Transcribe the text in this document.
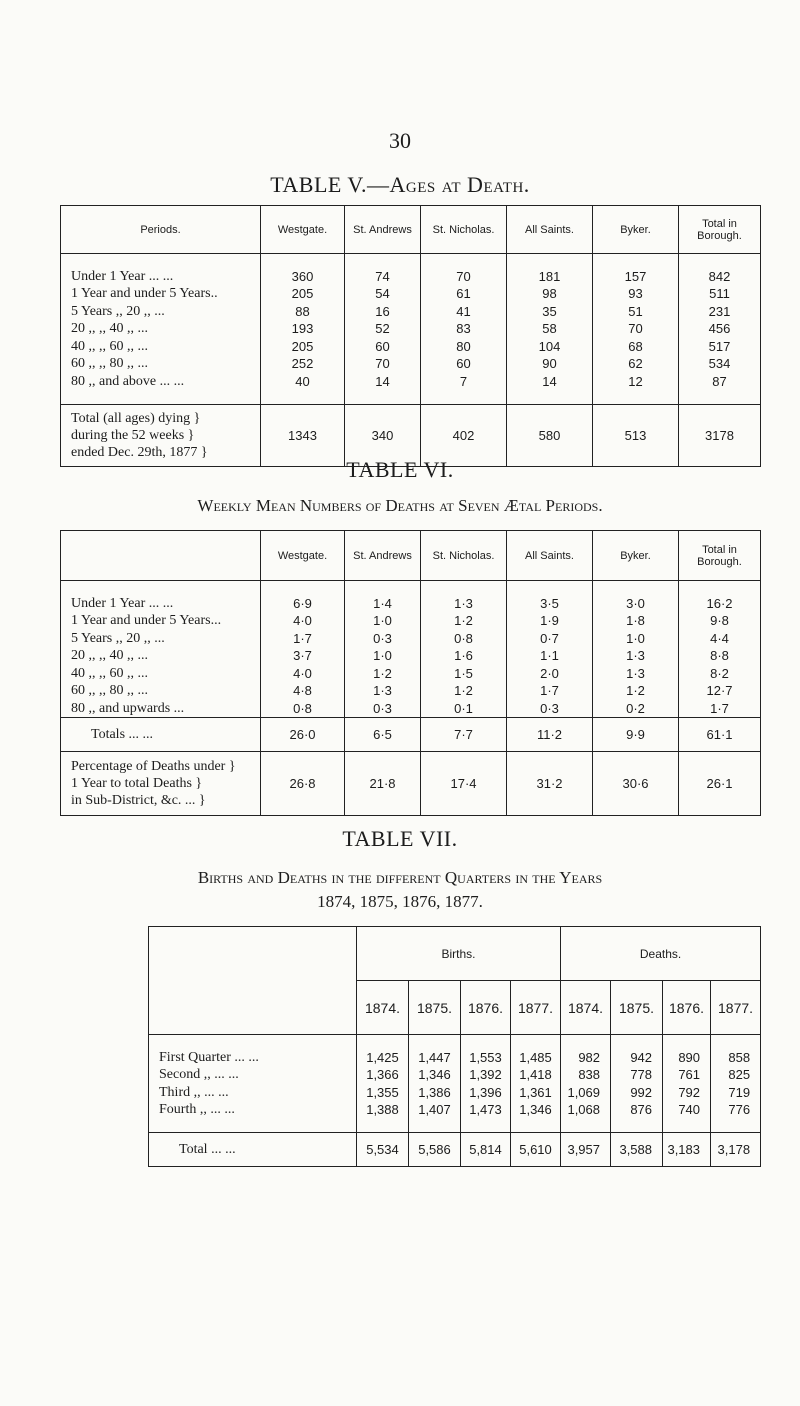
30
TABLE V.—Ages at Death.
Periods.	Westgate.	St. Andrews	St. Nicholas.	All Saints.	Byker.	Total in Borough.

Under 1 Year ... ...	360	74	70	181	157	842
1 Year and under 5 Years..	205	54	61	98	93	511
5 Years ,, 20 ,, ...	88	16	41	35	51	231
20 ,, ,, 40 ,, ...	193	52	83	58	70	456
40 ,, ,, 60 ,, ...	205	60	80	104	68	517
60 ,, ,, 80 ,, ...	252	70	60	90	62	534
80 ,, and above ... ...	40	14	7	14	12	87

Total (all ages) dying }
during the 52 weeks }
ended Dec. 29th, 1877 }	1343	340	402	580	513	3178
TABLE VI.
Weekly Mean Numbers of Deaths at Seven Ætal Periods.
	Westgate.	St. Andrews	St. Nicholas.	All Saints.	Byker.	Total in Borough.

Under 1 Year ... ...	6·9	1·4	1·3	3·5	3·0	16·2
1 Year and under 5 Years...	4·0	1·0	1·2	1·9	1·8	9·8
5 Years ,, 20 ,, ...	1·7	0·3	0·8	0·7	1·0	4·4
20 ,, ,, 40 ,, ...	3·7	1·0	1·6	1·1	1·3	8·8
40 ,, ,, 60 ,, ...	4·0	1·2	1·5	2·0	1·3	8·2
60 ,, ,, 80 ,, ...	4·8	1·3	1·2	1·7	1·2	12·7
80 ,, and upwards ...	0·8	0·3	0·1	0·3	0·2	1·7
Totals ... ...	26·0	6·5	7·7	11·2	9·9	61·1

Percentage of Deaths under }
1 Year to total Deaths }
in Sub-District, &c. ... }	26·8	21·8	17·4	31·2	30·6	26·1
TABLE VII.
Births and Deaths in the different Quarters in the Years
1874, 1875, 1876, 1877.
	Births.				Deaths.			
	1874.	1875.	1876.	1877.	1874.	1875.	1876.	1877.

First Quarter ... ...	1,425	1,447	1,553	1,485	982	942	890	858
Second ,, ... ...	1,366	1,346	1,392	1,418	838	778	761	825
Third ,, ... ...	1,355	1,386	1,396	1,361	1,069	992	792	719
Fourth ,, ... ...	1,388	1,407	1,473	1,346	1,068	876	740	776

Total ... ...	5,534	5,586	5,814	5,610	3,957	3,588	3,183	3,178
